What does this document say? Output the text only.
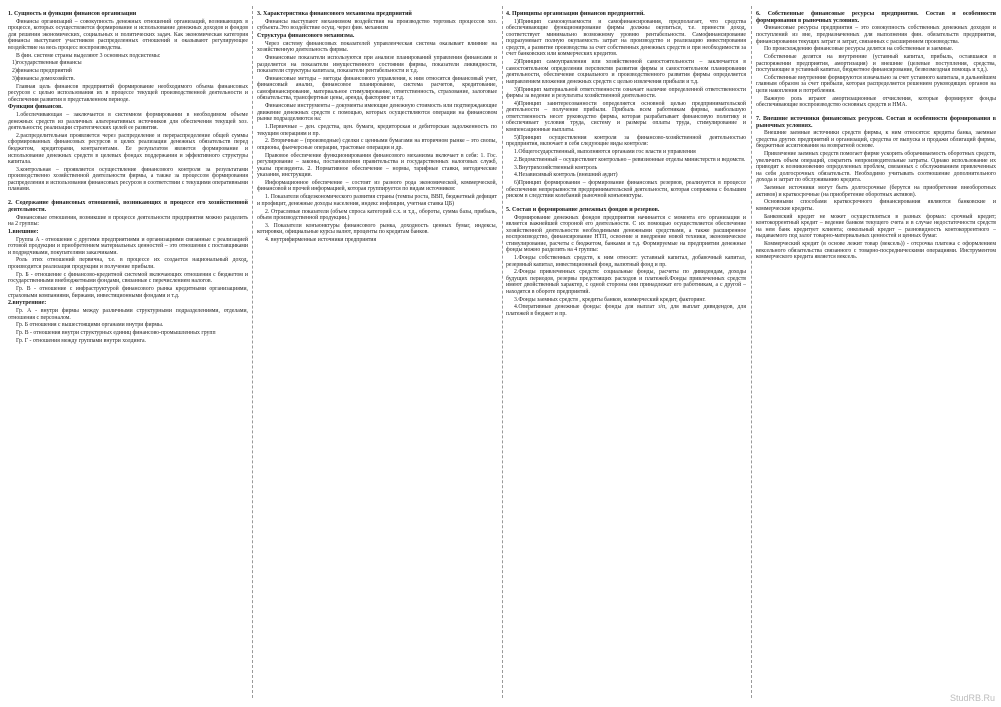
1. Сущность и функции финансов организации

Финансы организаций – совокупность денежных отношений организаций, возникающих в процессе, которых осуществляется формирование и использование денежных доходов и фондов для решения экономических, социальных и политических задач. Как экономическая категория финансы выступают участником распределенных отношений и оказывают регулирующее воздействие на весь процесс воспроизводства.

В фин. системе страны выделяют 3 основных подсистемы:

1)государственные финансы

2)финансы предприятий

3)финансы домохозяйств.

Главная цель финансов предприятий формирование необходимого объема финансовых ресурсов с целью использования их в процессе текущей производственной деятельности и обеспечения развития в представленном периоде.

Функции финансов.

1.обеспечивающая – заключается в системном формировании в необходимом объеме денежных средств из различных альтернативных источников для обеспечения текущей хоз. деятельности; реализации стратегических целей ее развития.

2.распределительная проявляется через распределение и перераспределение общей суммы сформированных финансовых ресурсов в целях реализации денежных обязательств перед бюджетом, кредиторами, контрагентами. Ее результатом является формирование и использование денежных средств в целевых фондах поддержания и эффективного структуры капитала.

3.контрольная – проявляется осуществление финансового контроля за результатами производственно хозяйственной деятельности фирмы, а также за процессом формирования распределения и использования финансовых ресурсов в соответствии с текущими оперативными планами.

2. Содержание финансовых отношений, возникающих в процессе его хозяйственной деятельности.

Финансовые отношения, возникшие в процессе деятельности предприятия можно разделить на 2 группы:

1.внешние:

Группа А - отношение с другими предприятиями и организациями связанные с реализацией готовой продукции и приобретением материальных ценностей – это отношения с поставщиками и подрядчиками, покупателями заказчиками.

Роль этих отношений первична, т.е. в процессе их создается национальный доход, производится реализация продукции и получение прибыли.

Гр. Б - отношение с финансово-кредитной системой включающих отношения с бюджетом и государственными внебюджетными фондами, связанные с перечислением налогов.

Гр. В - отношение с инфраструктурой финансового рынка кредитными организациями, страховыми компаниями, биржами, инвестиционными фондами и т.д.

2.внутренние:

Гр. А - внутри фирмы между различными структурными подразделениями, отделами, отношения с персоналом.

Гр. Б отношения с вышестоящими органами внутри фирмы.

Гр. В - отношения внутри структурных единиц финансово-промышленных групп

Гр. Г - отношения между группами внутри холдинга.

3. Характеристика финансового механизма предприятий

Финансы выступают механизмом воздействия на производство торговых процессов хоз. субъекта.Это воздействие осущ. через фин. механизм

Структура финансового механизма.

Через систему финансовых показателей управленческая система оказывает влияние на хозяйственную деятельность фирмы.

Финансовые показатели используются при анализе планирований управления финансами и разделяется на показатели имущественного состояния фирмы, показатели ликвидности, показатели структуры капитала, показатели рентабельности и т.д.

Финансовые методы – методы финансового управления, к ним относятся финансовый учет, финансовый анализ, финансовое планирование, система расчетов, кредитование, самофинансирование, материальное стимулирование, ответственность, страхование, залоговые обязательства, трансфертные цены, аренда, факторинг и т.д.

Финансовые инструменты – документы имеющие денежную стоимость или подтверждающие движение денежных средств с помощью, которых осуществляются операции на финансовом рынке подразделяются на:

1.Первичные – ден. средства, цен. бумаги, кредиторская и дебиторская задолженность по текущим операциям и пр.

2. Вторичные – (производные) сделки с ценными бумагами на вторичном рынке – это свопы, опционы, фьючерсные операции, трастовые операции и др.

Правовое обеспечение функционирования финансового механизма включает в себя: 1. Гос. регулирование – законы, постановления правительства и государственных налоговых служб, указы президента. 2. Нормативное обеспечение – нормы, тарифные ставки, методические указания, инструкции.

Информационное обеспечение – состоит из разного рода экономической, коммерческой, финансовой и прочей информацией, которая группируется по видам источников:

1. Показатели общеэкономического развития страны (темпы роста, ВВП, бюджетный дефицит и профицит, денежные доходы населения, индекс инфляции, учетная ставка ЦБ)

2. Отраслевые показатели (объем спроса категорий с.х. и т.д., обороты, сумма базы, прибыль, объем производственной продукции.)

3. Показатели конъюнктуры финансового рынка, доходность ценных бумаг, индексы, котировки, официальные курсы валют, проценты по кредитам банков.

4. внутрифирменные источники предприятия

4. Принципы организации финансов предприятий.

1)Принцип самоокупаемости и самофинансирования, предполагает, что средства обеспечивающие функционирование фирмы должны окупиться, т.е. принести доход, соответствует минимально возможному уровню рентабельности. Самофинансирование подразумевает полную окупаемость затрат на производство и реализацию инвестирования средств, а развитие производства за счет собственных денежных средств и при необходимости за счет банковских или коммерческих кредитов.

2)Принцип самоуправления или хозяйственной самостоятельности – заключается в самостоятельном определении перспектив развития фирмы и самостоятельном планировании деятельности, обеспечение социального и производственного развития фирмы определяется направлением вложения денежных средств с целью извлечения прибыли и т.д.

3)Принцип материальной ответственности означает наличие определенной ответственности фирмы за ведение и результаты хозяйственной деятельности.

4)Принцип заинтересованности определяется основной целью предпринимательской деятельности – получение прибыли. Прибыль всем работникам фирмы, наибольшую ответственность несет руководство фирмы, которая разрабатывает финансовую политику и обеспечивает условия труда, систему и размеры оплаты труда, стимулирование и компенсационные выплаты.

5)Принцип осуществления контроля за финансово-хозяйственной деятельностью предприятия, включает в себя следующие виды контроля:

1.Общегосударственный, выполняются органами гос власти и управления

2.Ведомственный – осуществляет контрольно – ревизионные отделы министерств и ведомств.

3.Внутрихозяйственный контроль

4.Независимый контроль (внешний аудит)

6)Принцип формирования – формирование финансовых резервов, реализуется в процессе обеспечения непрерывности предпринимательской деятельности, которая сопряжена с большим риском в следствии колебаний рыночной конъюнктуры.

5. Состав и формирование денежных фондов и резервов.

Формирование денежных фондов предприятия начинается с момента его организации и является важнейшей стороной его деятельности. С их помощью осуществляется обеспечение хозяйственной деятельности необходимыми денежными средствами, а также расширенное воспроизводство, финансирование НТП, освоение и внедрение новой техники, экономическое стимулирование, расчеты с бюджетом, банками и т.д. Формируемые на предприятии денежные фонды можно разделить на 4 группы:

1.Фонды собственных средств, к ним относят: уставный капитал, добавочный капитал, резервный капитал, инвестиционный фонд, валютный фонд и пр.

2.Фонды привлеченных средств: социальные фонды, расчеты по дивидендам, доходы будущих периодов, резервы предстоящих расходов и платежей.Фонды привлеченных средств имеют двойственный характер, с одной стороны они принадлежат его работникам, а с другой – находятся в обороте предприятий.

3.Фонды заемных средств , кредиты банков, коммерческий кредит, факторинг.

4.Оперативные денежные фонды: фонды для выплат з/п, для выплат дивидендов, для платежей в бюджет и пр.

6. Собственные финансовые ресурсы предприятия. Состав и особенности формирования в рыночных условиях.

Финансовые ресурсы предприятия – это совокупность собственных денежных доходов и поступлений из вне, предназначенных для выполнения фин. обязательств предприятия, финансирования текущих затрат и затрат, связанных с расширением производства.

По происхождению финансовые ресурсы делятся на собственные и заемные.

Собственные делятся на внутренние (уставный капитал, прибыль, оставшаяся в распоряжении предприятия, амортизация) и внешние (целевые поступления, средства, поступающие в уставный капитал, бюджетное финансирование, безвозмездная помощь и т.д.).

Собственные внутренние формируются изначально за счет уставного капитала, в дальнейшем главным образом за счет прибыли, которая распределяется решением руководящих органов на цели накопления и потребления.

Важную роль играют амортизационные отчисления, которые формируют фонды обеспечивающие воспроизводство основных средств и НМА.

7. Внешние источники финансовых ресурсов. Состав и особенности формирования в рыночных условиях.

Внешние заемные источники средств фирмы, к ним относятся: кредиты банка, заемные средства других предприятий и организаций, средства от выпуска и продажи облигаций фирмы, бюджетные ассигнования на возвратной основе.

Привлечение заемных средств помогает фирме ускорить оборачиваемость оборотных средств, увеличить объем операций, сократить непроизводительные затраты. Однако использование их приводит к возникновению определенных проблем, связанных с обслуживанием привлеченных на себя долгосрочных обязательств. Необходимо учитывать соотношение дополнительного дохода и затрат по обслуживанию кредита.

Заемные источники могут быть долгосрочные (берутся на приобретение внеоборотных активов) и краткосрочные (на приобретение оборотных активов).

Основными способами краткосрочного финансирования являются банковские и коммерческие кредиты.

Банковский кредит не может осуществляться в разных формах: срочный кредит; контокоррентный кредит – ведение банком текущего счета и в случае недостаточности средств на нем банк кредитует клиента; онкольный кредит – разновидность контокоррентного – выдаваемого под залог товарно-материальных ценностей и ценных бумаг.

Коммерческий кредит (в основе лежит товар (вексель)) - отсрочка платежа с оформлением вексельного обязательства связанного с товарно-посредническими операциями. Инструментом коммерческого кредита является вексель.

StudRB.Ru
